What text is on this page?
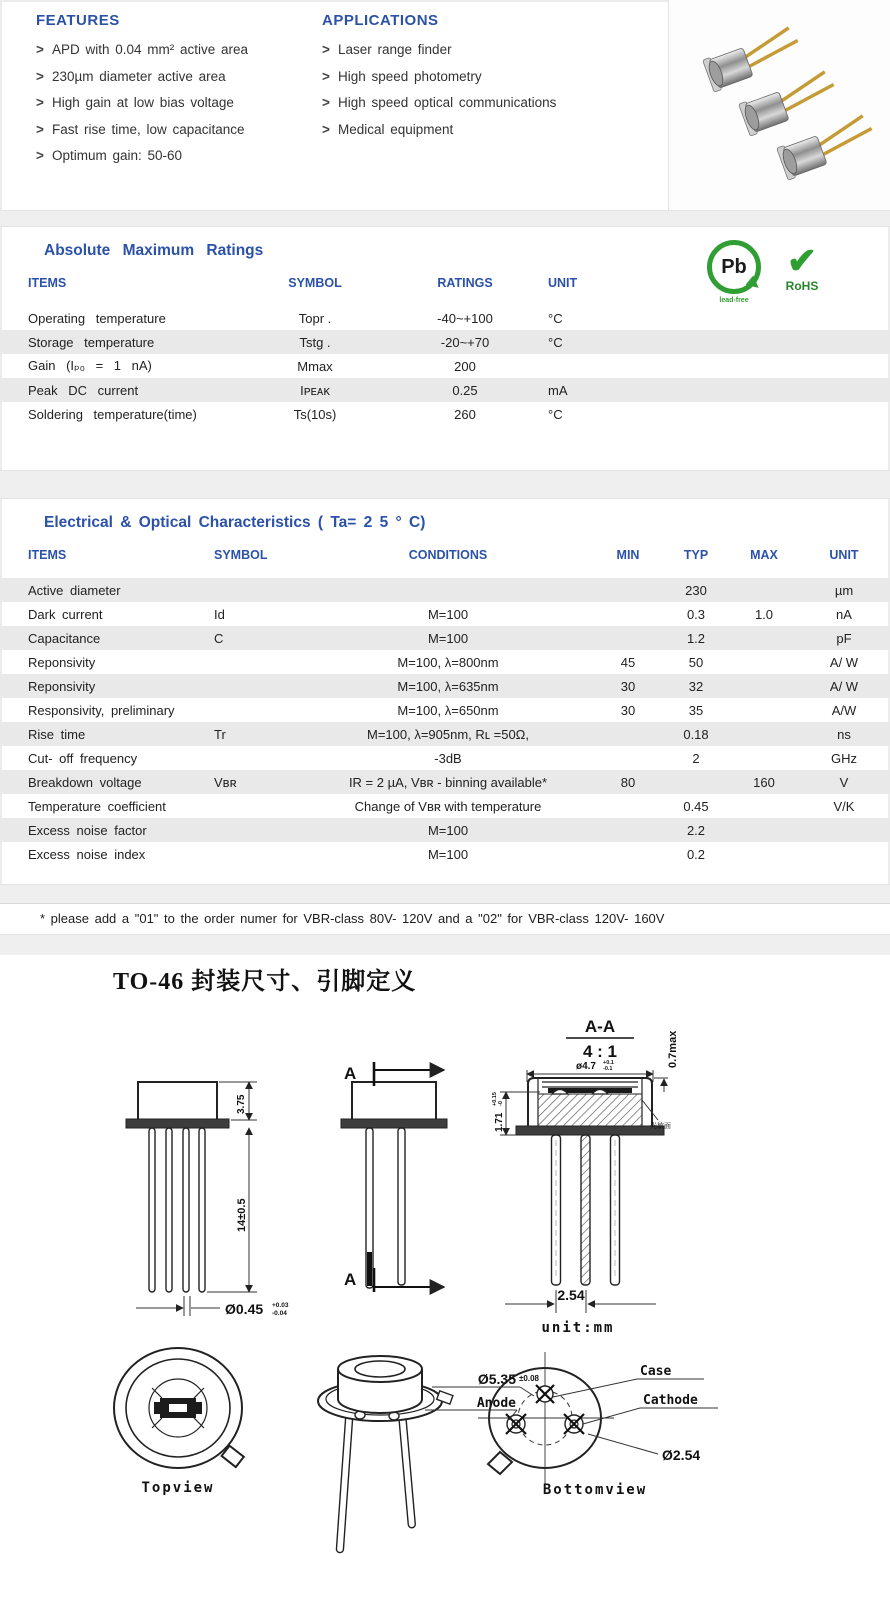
FEATURES
> APD with 0.04 mm² active area
> 230µm diameter active area
> High gain at low bias voltage
> Fast rise time, low capacitance
> Optimum gain: 50-60
APPLICATIONS
> Laser range finder
> High speed photometry
> High speed optical communications
> Medical equipment
Absolute Maximum Ratings
Pb
lead-free
✔
RoHS
ITEMS	SYMBOL	RATINGS	UNIT	
Operating temperature	Topr .	-40~+100	°C	
Storage temperature	Tstg .	-20~+70	°C	
Gain (Iₚ₀ = 1 nA)	Mmax	200		
Peak DC current	Iᴘᴇᴀᴋ	0.25	mA	
Soldering temperature(time)	Ts(10s)	260	°C	
Electrical & Optical Characteristics ( Ta= 2 5 ° C)
ITEMS	SYMBOL	CONDITIONS	MIN	TYP	MAX	UNIT
Active diameter				230		µm
Dark current	Id	M=100		0.3	1.0	nA
Capacitance	C	M=100		1.2		pF
Reponsivity		M=100, λ=800nm	45	50		A/ W
Reponsivity		M=100, λ=635nm	30	32		A/ W
Responsivity, preliminary		M=100, λ=650nm	30	35		A/W
Rise time	Tr	M=100, λ=905nm, Rʟ =50Ω,		0.18		ns
Cut- off frequency		-3dB		2		GHz
Breakdown voltage	Vʙʀ	IR = 2 µA, Vʙʀ - binning available*	80		160	V
Temperature coefficient		Change of Vʙʀ with temperature		0.45		V/K
Excess noise factor		M=100		2.2		
Excess noise index		M=100		0.2		
* please add a "01" to the order numer for VBR-class 80V- 120V and a "02" for VBR-class 120V- 160V
TO-46 封装尺寸、引脚定义
3.75
14±0.5
Ø0.45 +0.03
-0.04
A
A
A-A
4 : 1
ø4.7 +0.1
-0.1
1.71
+0.15 -0
0.7max
光敏面
2.54
unit:mm
Topview
Ø5.35 ±0.08
Anode
Case
Cathode
Ø2.54
Bottomview
